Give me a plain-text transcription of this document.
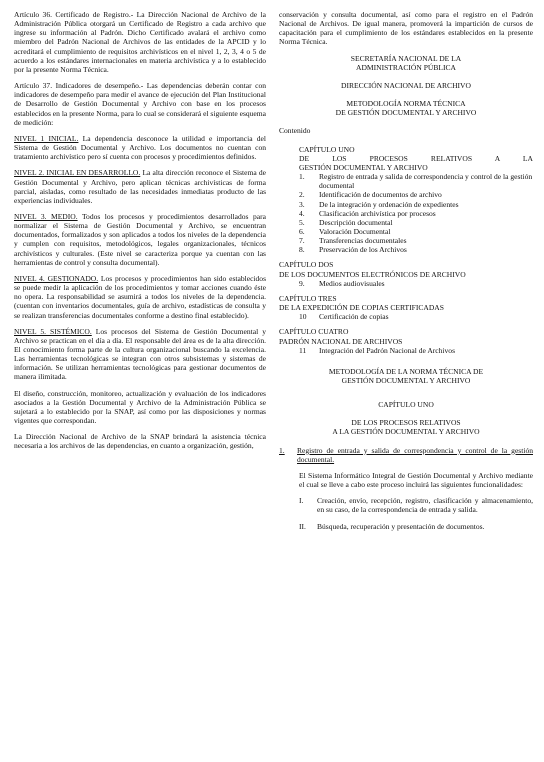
Artículo 36. Certificado de Registro.- La Dirección Nacional de Archivo de la Administración Pública otorgará un Certificado de Registro a cada archivo que ingrese su información al Padrón. Dicho Certificado avalará el archivo como miembro del Padrón Nacional de Archivos de las entidades de la APCID y lo acreditará el cumplimiento de requisitos archivísticos en el nivel 1, 2, 3, 4 o 5 de acuerdo a los estándares internacionales en materia archivística y a lo establecido por la presente Norma Técnica.

Artículo 37. Indicadores de desempeño.- Las dependencias deberán contar con indicadores de desempeño para medir el avance de ejecución del Plan Institucional de Desarrollo de Gestión Documental y Archivo con base en los procesos establecidos en la presente Norma, para lo cual se considerará el siguiente esquema de medición:

NIVEL 1 INICIAL. La dependencia desconoce la utilidad e importancia del Sistema de Gestión Documental y Archivo. Los documentos no cuentan con tratamiento archivístico pero sí cuenta con procesos y procedimientos definidos.

NIVEL 2. INICIAL EN DESARROLLO. La alta dirección reconoce el Sistema de Gestión Documental y Archivo, pero aplican técnicas archivísticas de forma parcial, aisladas, como resultado de las necesidades inmediatas producto de las experiencias individuales.

NIVEL 3. MEDIO. Todos los procesos y procedimientos desarrollados para normalizar el Sistema de Gestión Documental y Archivo, se encuentran documentados, formalizados y son aplicados a todos los niveles de la dependencia y cumplen con requisitos, metodológicos, legales organizacionales, técnicos archivísticos y culturales. (Este nivel se caracteriza porque ya cuentan con las herramientas de control y consulta documental).

NIVEL 4. GESTIONADO. Los procesos y procedimientos han sido establecidos se puede medir la aplicación de los procedimientos y tomar acciones cuando éste no opera. La responsabilidad se asumirá a todos los niveles de la dependencia. (cuentan con inventarios documentales, guía de archivo, estadísticas de consulta y se realizan transferencias documentales conforme a destino final establecido).

NIVEL 5. SISTÉMICO. Los procesos del Sistema de Gestión Documental y Archivo se practican en el día a día. El responsable del área es de la alta dirección. El conocimiento forma parte de la cultura organizacional buscando la excelencia. Las herramientas tecnológicas se integran con otros subsistemas y sistemas de información. Se utilizan herramientas tecnológicas para gestionar documentos de manera ilimitada.

El diseño, construcción, monitoreo, actualización y evaluación de los indicadores asociados a la Gestión Documental y Archivo de la Administración Pública se sujetará a lo establecido por la SNAP, así como por las disposiciones y normas vigentes que correspondan.

La Dirección Nacional de Archivo de la SNAP brindará la asistencia técnica necesaria a los archivos de las dependencias, en cuanto a organización, gestión,

conservación y consulta documental, así como para el registro en el Padrón Nacional de Archivos. De igual manera, promoverá la impartición de cursos de capacitación para el cumplimiento de los estándares establecidos en la presente Norma Técnica.

SECRETARÍA NACIONAL DE LA
ADMINISTRACIÓN PÚBLICA
DIRECCIÓN NACIONAL DE ARCHIVO
METODOLOGÍA NORMA TÉCNICA
DE GESTIÓN DOCUMENTAL Y ARCHIVO
Contenido
CAPÍTULO UNO
DE LOS PROCESOS RELATIVOS A LA
GESTIÓN DOCUMENTAL Y ARCHIVO
1.	Registro de entrada y salida de correspondencia y control de la gestión documental
2.	Identificación de documentos de archivo
3.	De la integración y ordenación de expedientes
4.	Clasificación archivística por procesos
5.	Descripción documental
6.	Valoración Documental
7.	Transferencias documentales
8.	Preservación de los Archivos
CAPÍTULO DOS
DE LOS DOCUMENTOS ELECTRÓNICOS DE ARCHIVO
9.	Medios audiovisuales
CAPÍTULO TRES
DE LA EXPEDICIÓN DE COPIAS CERTIFICADAS
10	Certificación de copias
CAPÍTULO CUATRO
PADRÓN NACIONAL DE ARCHIVOS
11	Integración del Padrón Nacional de Archivos
METODOLOGÍA DE LA NORMA TÉCNICA DE
GESTIÓN DOCUMENTAL Y ARCHIVO
CAPÍTULO UNO
DE LOS PROCESOS RELATIVOS
A LA GESTIÓN DOCUMENTAL Y ARCHIVO
1.	Registro de entrada y salida de correspondencia y control de la gestión documental.

El Sistema Informático Integral de Gestión Documental y Archivo mediante el cual se lleve a cabo este proceso incluirá las siguientes funcionalidades:

I.	Creación, envío, recepción, registro, clasificación y almacenamiento, en su caso, de la correspondencia de entrada y salida.
II.	Búsqueda, recuperación y presentación de documentos.
